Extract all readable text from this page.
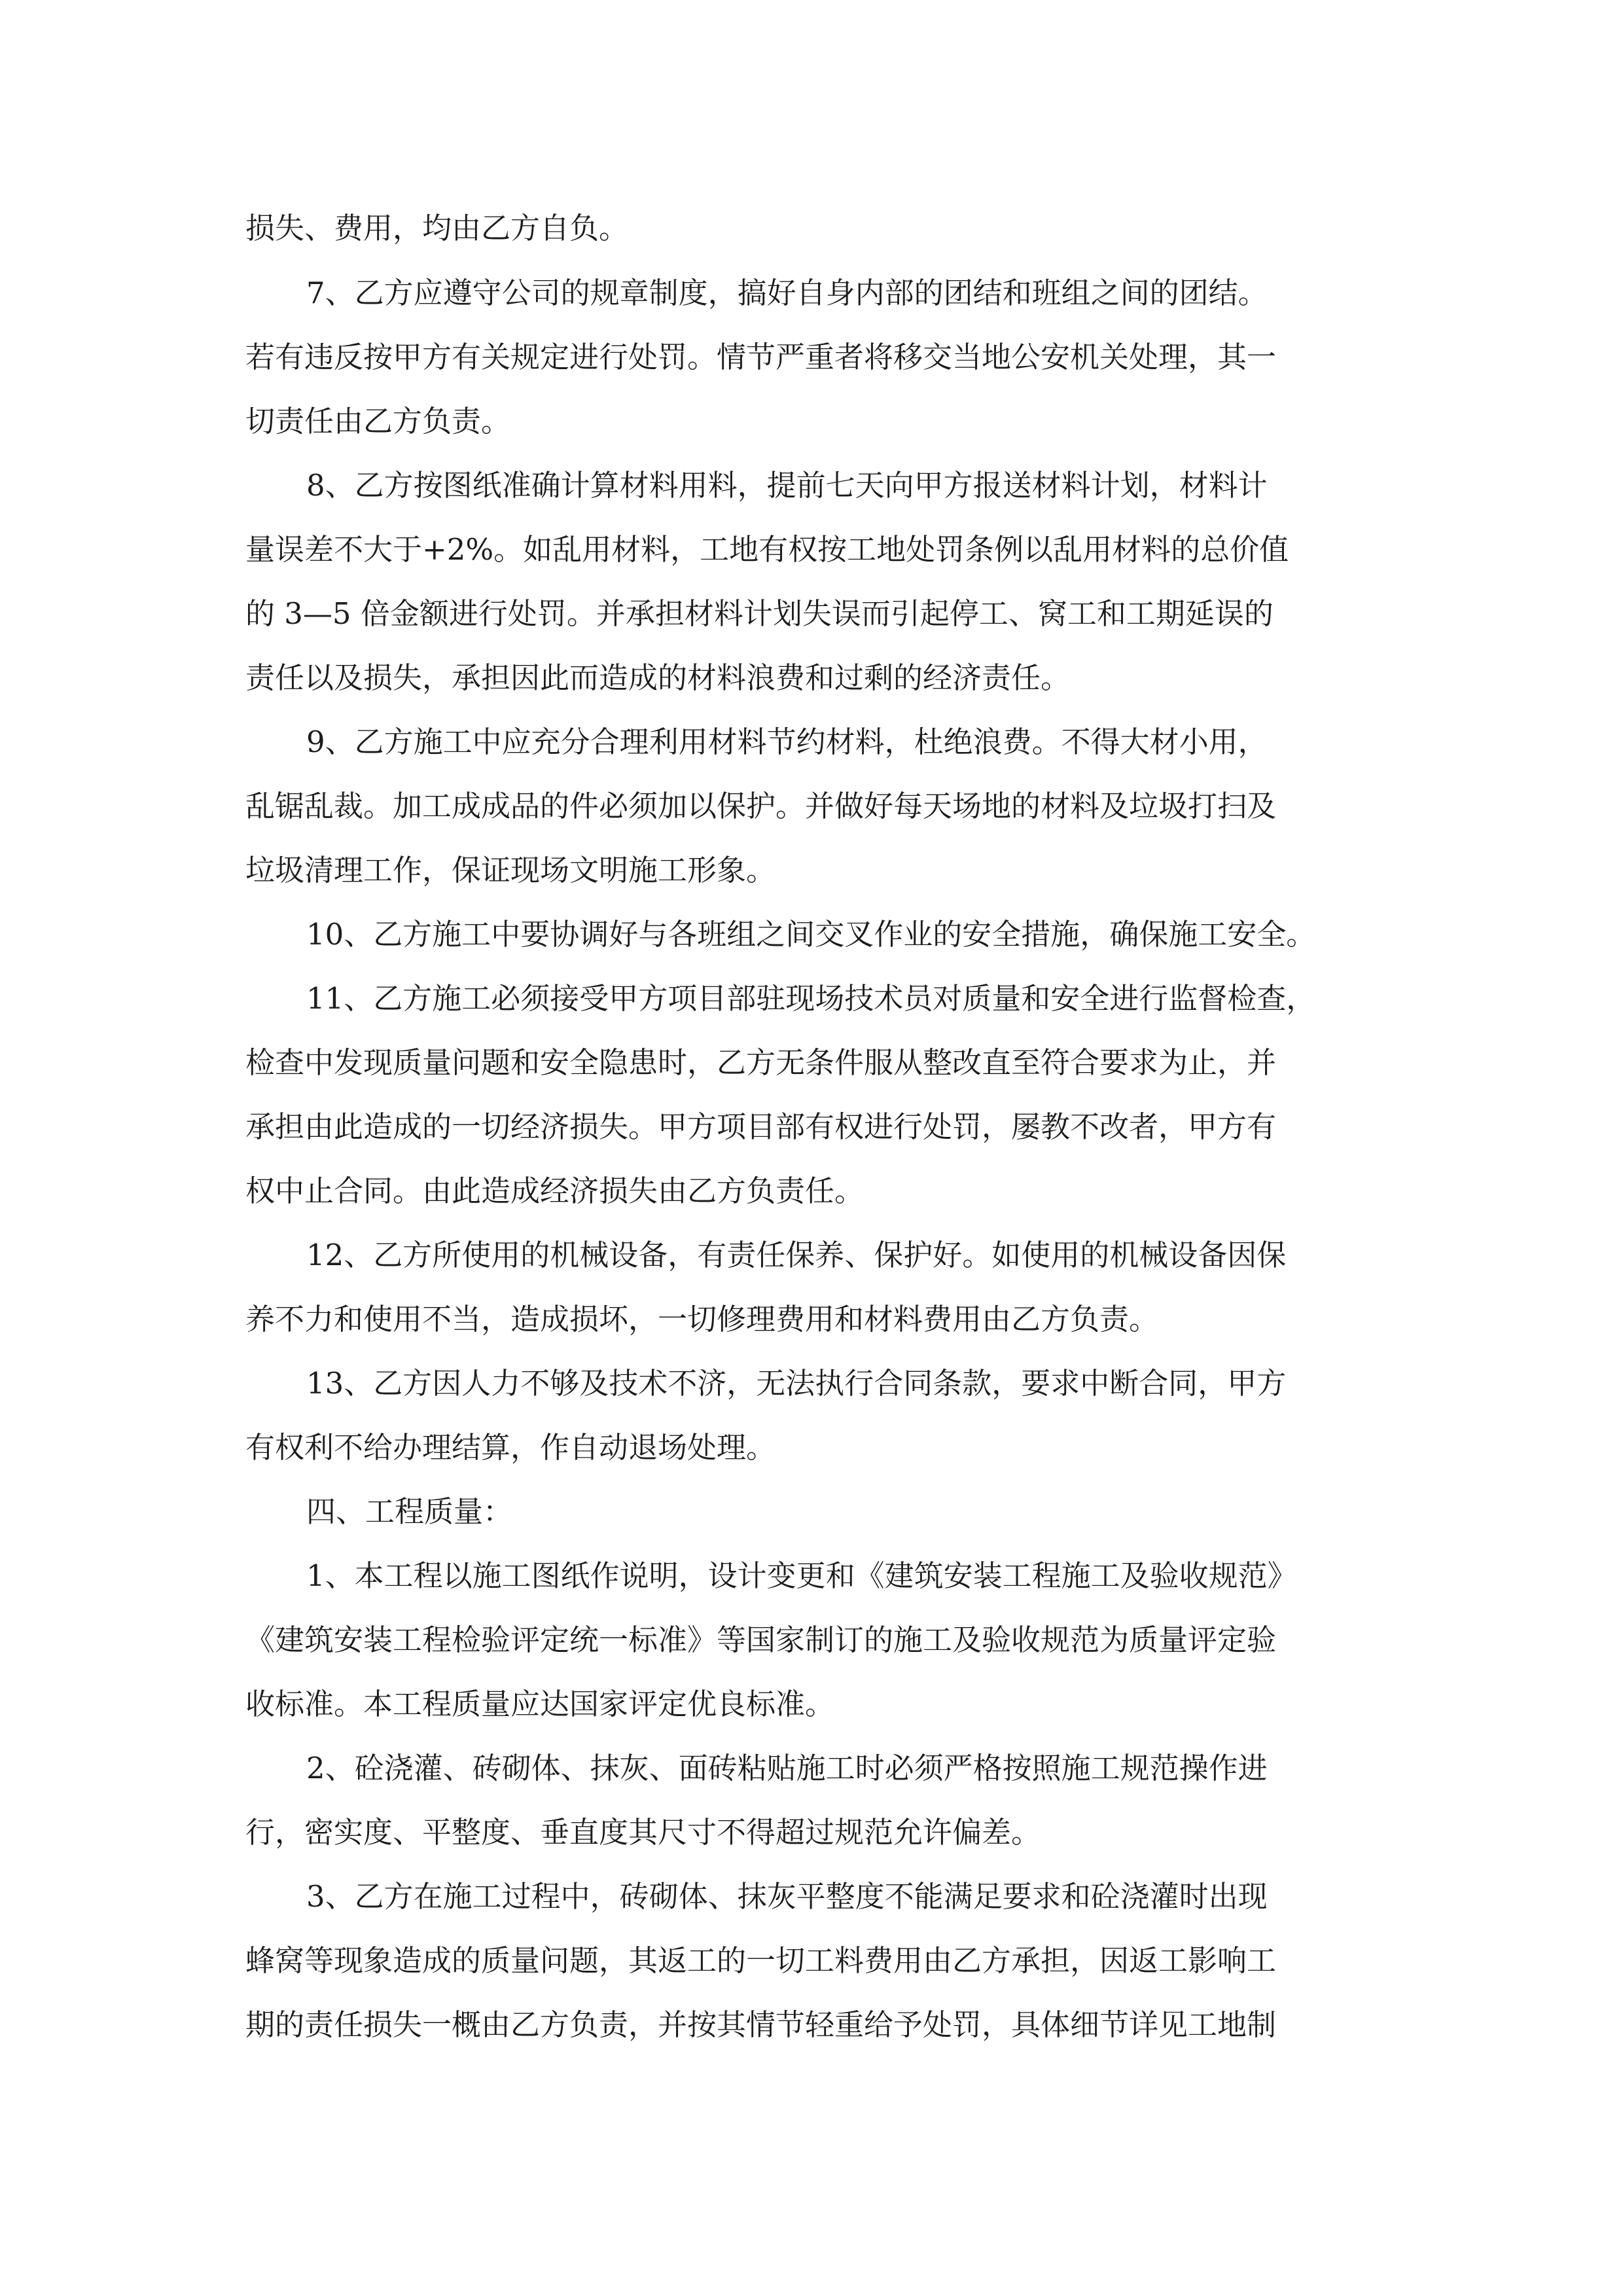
损失、费用，均由乙方自负。
7、乙方应遵守公司的规章制度，搞好自身内部的团结和班组之间的团结。
若有违反按甲方有关规定进行处罚。情节严重者将移交当地公安机关处理，其一
切责任由乙方负责。
8、乙方按图纸准确计算材料用料，提前七天向甲方报送材料计划，材料计
量误差不大于+2%。如乱用材料，工地有权按工地处罚条例以乱用材料的总价值
的 3—5 倍金额进行处罚。并承担材料计划失误而引起停工、窝工和工期延误的
责任以及损失，承担因此而造成的材料浪费和过剩的经济责任。
9、乙方施工中应充分合理利用材料节约材料，杜绝浪费。不得大材小用，
乱锯乱裁。加工成成品的件必须加以保护。并做好每天场地的材料及垃圾打扫及
垃圾清理工作，保证现场文明施工形象。
10、乙方施工中要协调好与各班组之间交叉作业的安全措施，确保施工安全。
11、乙方施工必须接受甲方项目部驻现场技术员对质量和安全进行监督检查，
检查中发现质量问题和安全隐患时，乙方无条件服从整改直至符合要求为止，并
承担由此造成的一切经济损失。甲方项目部有权进行处罚，屡教不改者，甲方有
权中止合同。由此造成经济损失由乙方负责任。
12、乙方所使用的机械设备，有责任保养、保护好。如使用的机械设备因保
养不力和使用不当，造成损坏，一切修理费用和材料费用由乙方负责。
13、乙方因人力不够及技术不济，无法执行合同条款，要求中断合同，甲方
有权利不给办理结算，作自动退场处理。
四、工程质量：
1、本工程以施工图纸作说明，设计变更和《建筑安装工程施工及验收规范》
《建筑安装工程检验评定统一标准》等国家制订的施工及验收规范为质量评定验
收标准。本工程质量应达国家评定优良标准。
2、砼浇灌、砖砌体、抹灰、面砖粘贴施工时必须严格按照施工规范操作进
行，密实度、平整度、垂直度其尺寸不得超过规范允许偏差。
3、乙方在施工过程中，砖砌体、抹灰平整度不能满足要求和砼浇灌时出现
蜂窝等现象造成的质量问题，其返工的一切工料费用由乙方承担，因返工影响工
期的责任损失一概由乙方负责，并按其情节轻重给予处罚，具体细节详见工地制
